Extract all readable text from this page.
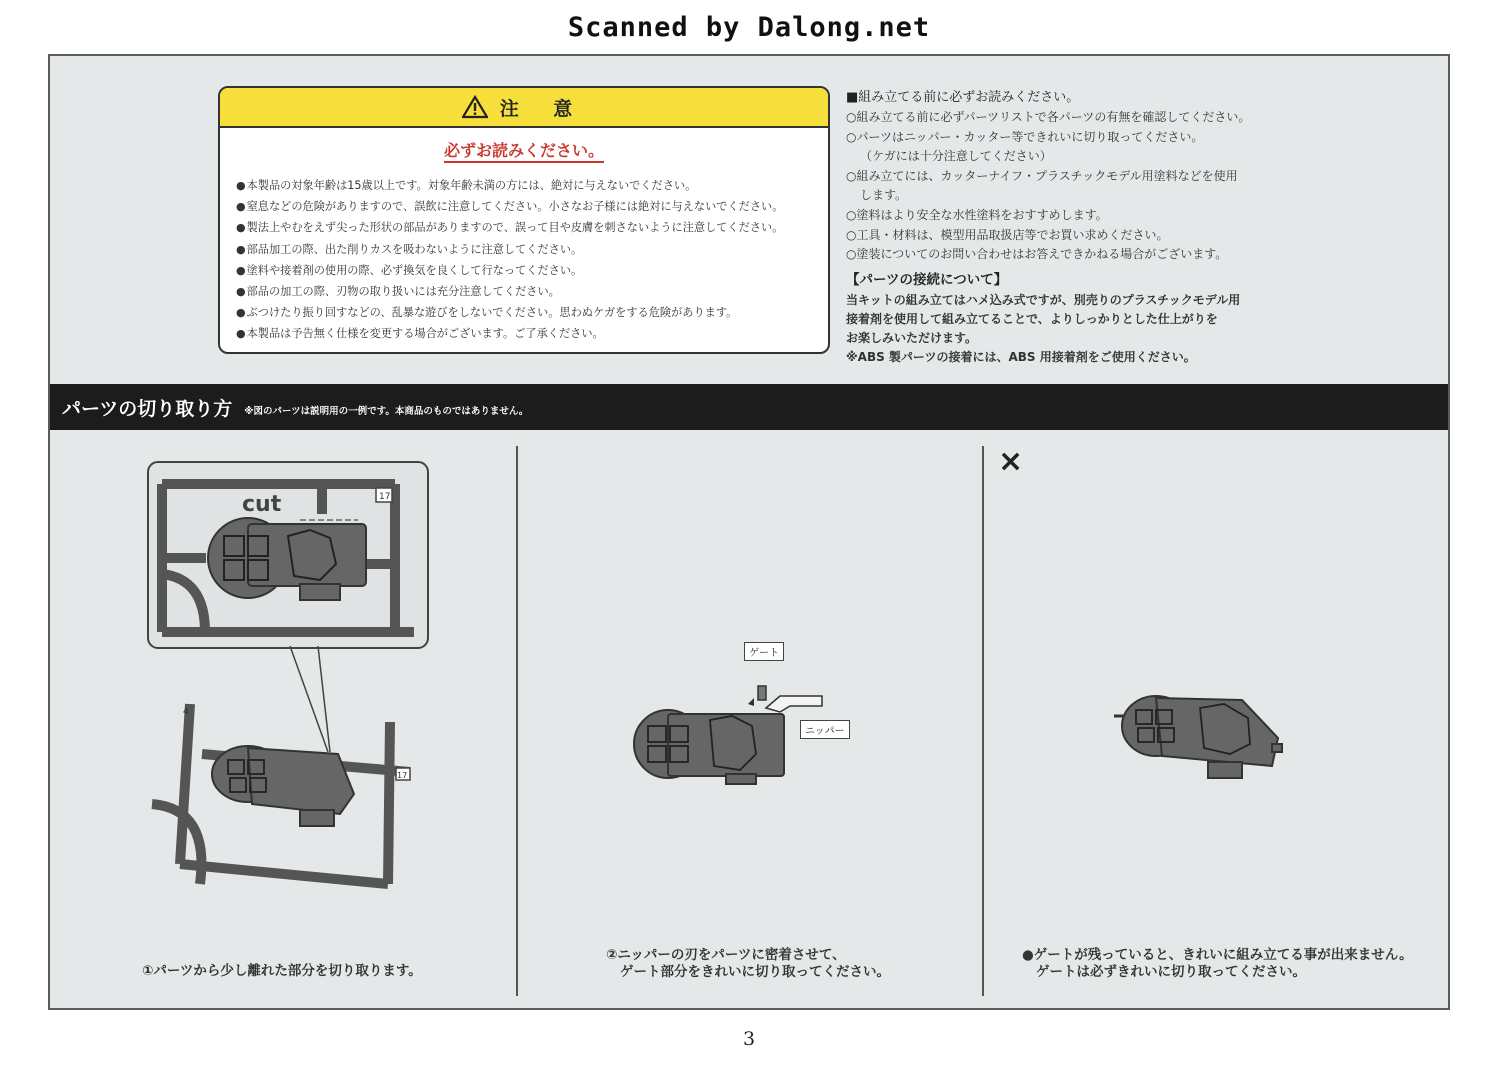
Scanned by Dalong.net
注 意
必ずお読みください。
● 本製品の対象年齢は15歳以上です。対象年齢未満の方には、絶対に与えないでください。
● 窒息などの危険がありますので、誤飲に注意してください。小さなお子様には絶対に与えないでください。
● 製法上やむをえず尖った形状の部品がありますので、誤って目や皮膚を刺さないように注意してください。
● 部品加工の際、出た削りカスを吸わないように注意してください。
● 塗料や接着剤の使用の際、必ず換気を良くして行なってください。
● 部品の加工の際、刃物の取り扱いには充分注意してください。
● ぶつけたり振り回すなどの、乱暴な遊びをしないでください。思わぬケガをする危険があります。
● 本製品は予告無く仕様を変更する場合がございます。ご了承ください。
■組み立てる前に必ずお読みください。
○組み立てる前に必ずパーツリストで各パーツの有無を確認してください。
○パーツはニッパー・カッター等できれいに切り取ってください。
（ケガには十分注意してください）
○組み立てには、カッターナイフ・プラスチックモデル用塗料などを使用
します。
○塗料はより安全な水性塗料をおすすめします。
○工具・材料は、模型用品取扱店等でお買い求めください。
○塗装についてのお問い合わせはお答えできかねる場合がございます。
【パーツの接続について】
当キットの組み立てはハメ込み式ですが、別売りのプラスチックモデル用
接着剤を使用して組み立てることで、よりしっかりとした仕上がりを
お楽しみいただけます。
※ABS 製パーツの接着には、ABS 用接着剤をご使用ください。
パーツの切り取り方 ※図のパーツは説明用の一例です。本商品のものではありません。
17
17
4
cut
ゲート
ニッパー
×
①パーツから少し離れた部分を切り取ります。
②ニッパーの刃をパーツに密着させて、
ゲート部分をきれいに切り取ってください。
●ゲートが残っていると、きれいに組み立てる事が出来ません。
ゲートは必ずきれいに切り取ってください。
3
